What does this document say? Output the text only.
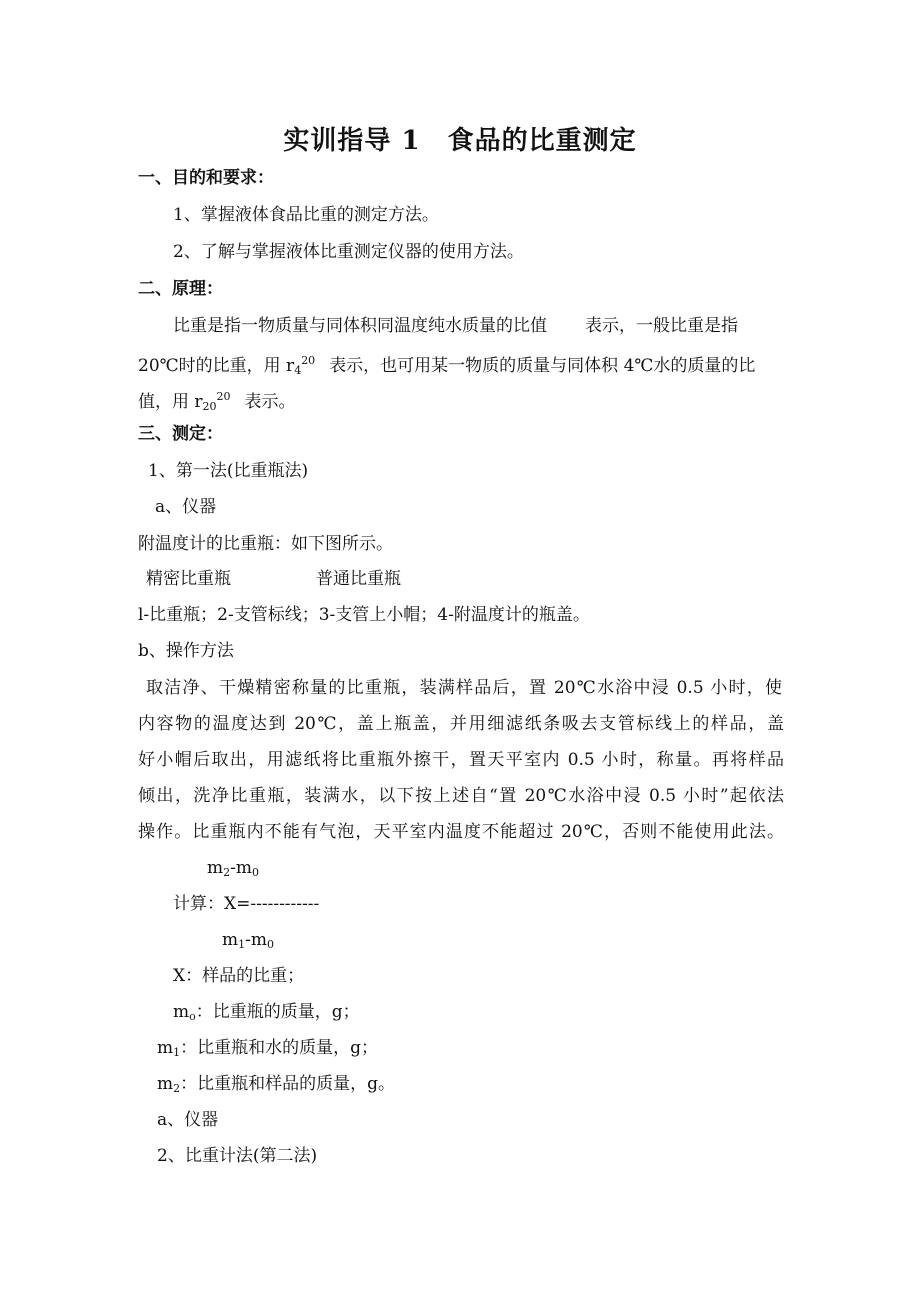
实训指导 1　食品的比重测定
一、目的和要求：
1、掌握液体食品比重的测定方法。
2、了解与掌握液体比重测定仪器的使用方法。
二、原理：
比重是指一物质量与同体积同温度纯水质量的比值 表示，一般比重是指
20℃时的比重，用 $r_4^{20}$ 表示，也可用某一物质的质量与同体积 4℃水的质量的比
值，用 $r_{20}^{20}$ 表示。
三、测定：
1、第一法(比重瓶法)
a、仪器
附温度计的比重瓶：如下图所示。
精密比重瓶	普通比重瓶
l-比重瓶；2-支管标线；3-支管上小帽；4-附温度计的瓶盖。
b、操作方法
取洁净、干燥精密称量的比重瓶，装满样品后，置 20℃水浴中浸 0.5 小时，使
内容物的温度达到 20℃，盖上瓶盖，并用细滤纸条吸去支管标线上的样品，盖
好小帽后取出，用滤纸将比重瓶外擦干，置天平室内 0.5 小时，称量。再将样品
倾出，洗净比重瓶，装满水，以下按上述自“置 20℃水浴中浸 0.5 小时”起依法
操作。比重瓶内不能有气泡，天平室内温度不能超过 20℃，否则不能使用此法。
$m_2-m_0$
计算：X=------------
$m_1-m_0$
X：样品的比重；
$m_o$：比重瓶的质量，g；
$m_1$：比重瓶和水的质量，g；
$m_2$：比重瓶和样品的质量，g。
a、仪器
2、比重计法(第二法)
